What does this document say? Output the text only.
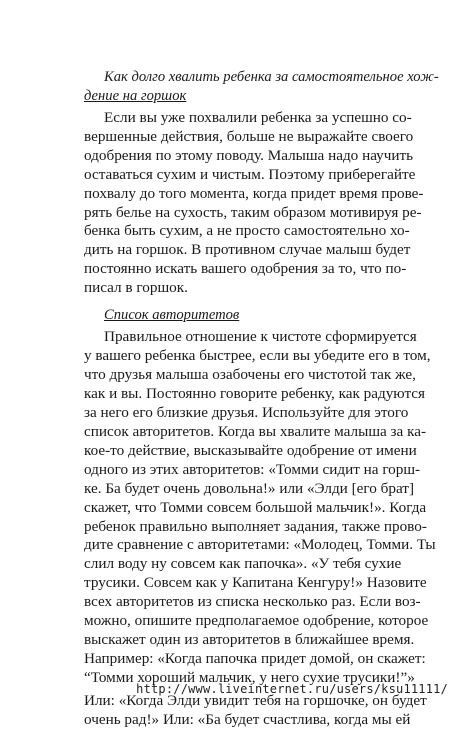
Как долго хвалить ребенка за самостоятельное хож-
дение на горшок
Если вы уже похвалили ребенка за успешно со-
вершенные действия, больше не выражайте своего
одобрения по этому поводу. Малыша надо научить
оставаться сухим и чистым. Поэтому приберегайте
похвалу до того момента, когда придет время прове-
рять белье на сухость, таким образом мотивируя ре-
бенка быть сухим, а не просто самостоятельно хо-
дить на горшок. В противном случае малыш будет
постоянно искать вашего одобрения за то, что по-
писал в горшок.
Список авторитетов
Правильное отношение к чистоте сформируется
у вашего ребенка быстрее, если вы убедите его в том,
что друзья малыша озабочены его чистотой так же,
как и вы. Постоянно говорите ребенку, как радуются
за него его близкие друзья. Используйте для этого
список авторитетов. Когда вы хвалите малыша за ка-
кое-то действие, высказывайте одобрение от имени
одного из этих авторитетов: «Томми сидит на горш-
ке. Ба будет очень довольна!» или «Элди [его брат]
скажет, что Томми совсем большой мальчик!». Когда
ребенок правильно выполняет задания, также прово-
дите сравнение с авторитетами: «Молодец, Томми. Ты
слил воду ну совсем как папочка». «У тебя сухие
трусики. Совсем как у Капитана Кенгуру!» Назовите
всех авторитетов из списка несколько раз. Если воз-
можно, опишите предполагаемое одобрение, которое
выскажет один из авторитетов в ближайшее время.
Например: «Когда папочка придет домой, он скажет:
“Томми хороший мальчик, у него сухие трусики!”»
Или: «Когда Элди увидит тебя на горшочке, он будет
очень рад!» Или: «Ба будет счастлива, когда мы ей
http://www.liveinternet.ru/users/ksu11111/
